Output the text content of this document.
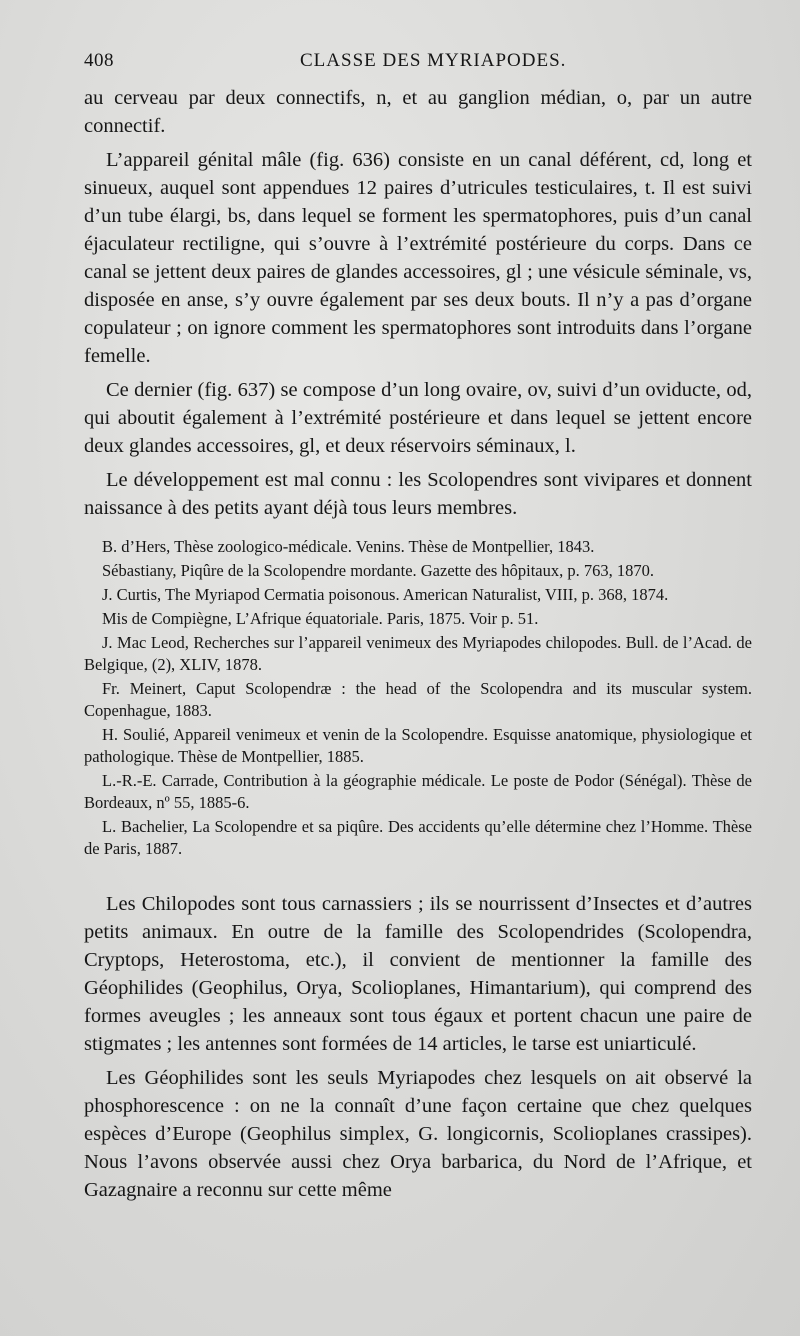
408	CLASSE DES MYRIAPODES.

au cerveau par deux connectifs, n, et au ganglion médian, o, par un autre connectif.

L’appareil génital mâle (fig. 636) consiste en un canal déférent, cd, long et sinueux, auquel sont appendues 12 paires d’utricules testiculaires, t. Il est suivi d’un tube élargi, bs, dans lequel se forment les spermatophores, puis d’un canal éjaculateur rectiligne, qui s’ouvre à l’extrémité postérieure du corps. Dans ce canal se jettent deux paires de glandes accessoires, gl ; une vésicule séminale, vs, disposée en anse, s’y ouvre également par ses deux bouts. Il n’y a pas d’organe copulateur ; on ignore comment les spermatophores sont introduits dans l’organe femelle.

Ce dernier (fig. 637) se compose d’un long ovaire, ov, suivi d’un oviducte, od, qui aboutit également à l’extrémité postérieure et dans lequel se jettent encore deux glandes accessoires, gl, et deux réservoirs séminaux, l.

Le développement est mal connu : les Scolopendres sont vivipares et donnent naissance à des petits ayant déjà tous leurs membres.

B. d’Hers, Thèse zoologico-médicale. Venins. Thèse de Montpellier, 1843.

Sébastiany, Piqûre de la Scolopendre mordante. Gazette des hôpitaux, p. 763, 1870.

J. Curtis, The Myriapod Cermatia poisonous. American Naturalist, VIII, p. 368, 1874.

Mis de Compiègne, L’Afrique équatoriale. Paris, 1875. Voir p. 51.

J. Mac Leod, Recherches sur l’appareil venimeux des Myriapodes chilopodes. Bull. de l’Acad. de Belgique, (2), XLIV, 1878.

Fr. Meinert, Caput Scolopendræ : the head of the Scolopendra and its muscular system. Copenhague, 1883.

H. Soulié, Appareil venimeux et venin de la Scolopendre. Esquisse anatomique, physiologique et pathologique. Thèse de Montpellier, 1885.

L.-R.-E. Carrade, Contribution à la géographie médicale. Le poste de Podor (Sénégal). Thèse de Bordeaux, nº 55, 1885-6.

L. Bachelier, La Scolopendre et sa piqûre. Des accidents qu’elle détermine chez l’Homme. Thèse de Paris, 1887.

Les Chilopodes sont tous carnassiers ; ils se nourrissent d’Insectes et d’autres petits animaux. En outre de la famille des Scolopendrides (Scolopendra, Cryptops, Heterostoma, etc.), il convient de mentionner la famille des Géophilides (Geophilus, Orya, Scolioplanes, Himantarium), qui comprend des formes aveugles ; les anneaux sont tous égaux et portent chacun une paire de stigmates ; les antennes sont formées de 14 articles, le tarse est uniarticulé.

Les Géophilides sont les seuls Myriapodes chez lesquels on ait observé la phosphorescence : on ne la connaît d’une façon certaine que chez quelques espèces d’Europe (Geophilus simplex, G. longicornis, Scolioplanes crassipes). Nous l’avons observée aussi chez Orya barbarica, du Nord de l’Afrique, et Gazagnaire a reconnu sur cette même
